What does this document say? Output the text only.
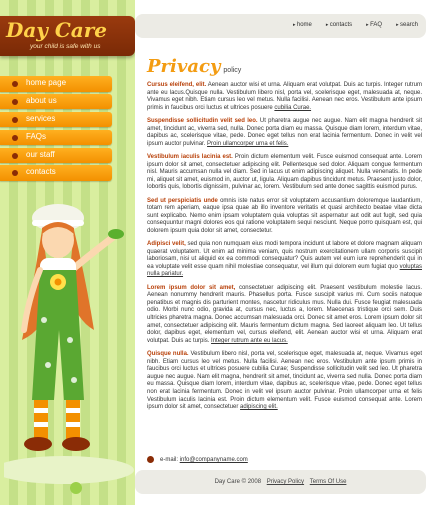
Day Care
your child is safe with us
home page
about us
services
FAQs
our staff
contacts
▸ home	▸ contacts	▸ FAQ	▸ search
Privacy policy

Cursus eleifend, elit. Aenean auctor wisi et urna. Aliquam erat volutpat. Duis ac turpis. Integer rutrum ante eu lacus.Quisque nulla. Vestibulum libero nisl, porta vel, scelerisque eget, malesuada at, neque. Vivamus eget nibh. Etiam cursus leo vel metus. Nulla facilisi. Aenean nec eros. Vestibulum ante ipsum primis in faucibus orci luctus et ultrices posuere cubilia Curae.

Suspendisse sollicitudin velit sed leo. Ut pharetra augue nec augue. Nam elit magna hendrerit sit amet, tincidunt ac, viverra sed, nulla. Donec porta diam eu massa. Quisque diam lorem, interdum vitae, dapibus ac, scelerisque vitae, pede. Donec eget tellus non erat lacinia fermentum. Donec in velit vel ipsum auctor pulvinar. Proin ullamcorper urna et felis.

Vestibulum iaculis lacinia est. Proin dictum elementum velit. Fusce euismod consequat ante. Lorem ipsum dolor sit amet, consectetuer adipiscing elit. Pellentesque sed dolor. Aliquam congue fermentum nisl. Mauris accumsan nulla vel diam. Sed in lacus ut enim adipiscing aliquet. Nulla venenatis. In pede mi, aliquet sit amet, euismod in, auctor ut, ligula. Aliquam dapibus tincidunt metus. Praesent justo dolor, lobortis quis, lobortis dignissim, pulvinar ac, lorem. Vestibulum sed ante donec sagittis euismod purus.

Sed ut perspiciatis unde omnis iste natus error sit voluptatem accusantium doloremque laudantium, totam rem aperiam, eaque ipsa quae ab illo inventore veritatis et quasi architecto beatae vitae dicta sunt explicabo. Nemo enim ipsam voluptatem quia voluptas sit aspernatur aut odit aut fugit, sed quia consequuntur magni dolores eos qui ratione voluptatem sequi nesciunt. Neque porro quisquam est, qui dolorem ipsum quia dolor sit amet, consectetur.

Adipisci velit, sed quia non numquam eius modi tempora incidunt ut labore et dolore magnam aliquam quaerat voluptatem. Ut enim ad minima veniam, quis nostrum exercitationem ullam corporis suscipit laboriosam, nisi ut aliquid ex ea commodi consequatur? Quis autem vel eum iure reprehenderit qui in ea voluptate velit esse quam nihil molestiae consequatur, vel illum qui dolorem eum fugiat quo voluptas nulla pariatur.

Lorem ipsum dolor sit amet, consectetuer adipiscing elit. Praesent vestibulum molestie lacus. Aenean nonummy hendrerit mauris. Phasellus porta. Fusce suscipit varius mi. Cum sociis natoque penatibus et magnis dis parturient montes, nascetur ridiculus mus. Nulla dui. Fusce feugiat malesuada odio. Morbi nunc odio, gravida at, cursus nec, luctus a, lorem. Maecenas tristique orci sem. Duis ultricies pharetra magna. Donec accumsan malesuada orci. Donec sit amet eros. Lorem ipsum dolor sit amet, consectetuer adipiscing elit. Mauris fermentum dictum magna. Sed laoreet aliquam leo. Ut tellus dolor, dapibus eget, elementum vel, cursus eleifend, elit. Aenean auctor wisi et urna. Aliquam erat volutpat. Duis ac turpis. Integer rutrum ante eu lacus.

Quisque nulla. Vestibulum libero nisl, porta vel, scelerisque eget, malesuada at, neque. Vivamus eget nibh. Etiam cursus leo vel metus. Nulla facilisi. Aenean nec eros. Vestibulum ante ipsum primis in faucibus orci luctus et ultrices posuere cubilia Curae; Suspendisse sollicitudin velit sed leo. Ut pharetra augue nec augue. Nam elit magna, hendrerit sit amet, tincidunt ac, viverra sed nulla. Donec porta diam eu massa. Quisque diam lorem, interdum vitae, dapibus ac, scelerisque vitae, pede. Donec eget tellus non erat lacinia fermentum. Donec in velit vel ipsum auctor pulvinar. Proin ullamcorper urna et felis Vestibulum iaculis lacinia est. Proin dictum elementum velit. Fusce euismod consequat ante. Lorem ipsum dolor sit amet, consectetuer adipiscing elit.

e-mail: info@companyname.com
Day Care © 2008 Privacy Policy Terms Of Use
